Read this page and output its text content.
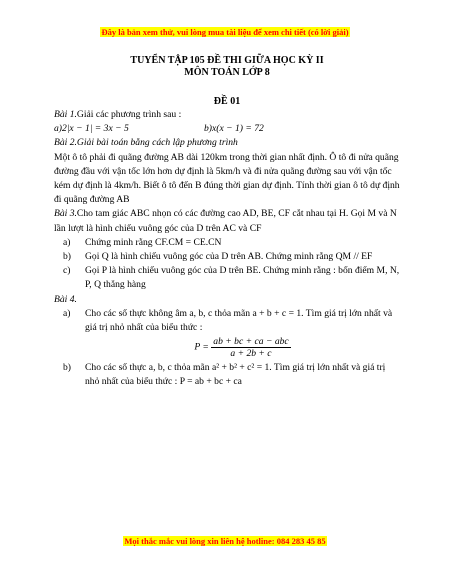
Đây là bản xem thử, vui lòng mua tài liệu để xem chi tiết (có lời giải)
TUYỂN TẬP 105 ĐỀ THI GIỮA HỌC KỲ II
MÔN TOÁN LỚP 8
ĐỀ 01
Bài 1.Giải các phương trình sau :
a)2|x − 1| = 3x − 5	b)x(x − 1) = 72
Bài 2.Giải bài toán bằng cách lập phương trình
Một ô tô phải đi quãng đường AB dài 120km trong thời gian nhất định. Ô tô đi nửa quãng đường đầu với vận tốc lớn hơn dự định là 5km/h và đi nửa quãng đường sau với vận tốc kém dự định là 4km/h. Biết ô tô đến B đúng thời gian dự định. Tính thời gian ô tô dự định đi quãng đường AB
Bài 3.Cho tam giác ABC nhọn có các đường cao AD, BE, CF cắt nhau tại H. Gọi M và N lần lượt là hình chiếu vuông góc của D trên AC và CF
a)	Chứng minh rằng CF.CM = CE.CN
b)	Gọi Q là hình chiếu vuông góc của D trên AB. Chứng minh rằng QM // EF
c)	Gọi P là hình chiếu vuông góc của D trên BE. Chứng minh rằng : bốn điểm M, N, P, Q thẳng hàng
Bài 4.
a)	Cho các số thực không âm a, b, c thỏa mãn a + b + c = 1. Tìm giá trị lớn nhất và giá trị nhỏ nhất của biểu thức :
$P = \frac{\text{ab + bc + ca − abc}}{a + 2b + c}$
b)	Cho các số thực a, b, c thỏa mãn a² + b² + c² = 1. Tìm giá trị lớn nhất và giá trị nhỏ nhất của biểu thức : P = ab + bc + ca
Mọi thắc mắc vui lòng xin liên hệ hotline: 084 283 45 85
